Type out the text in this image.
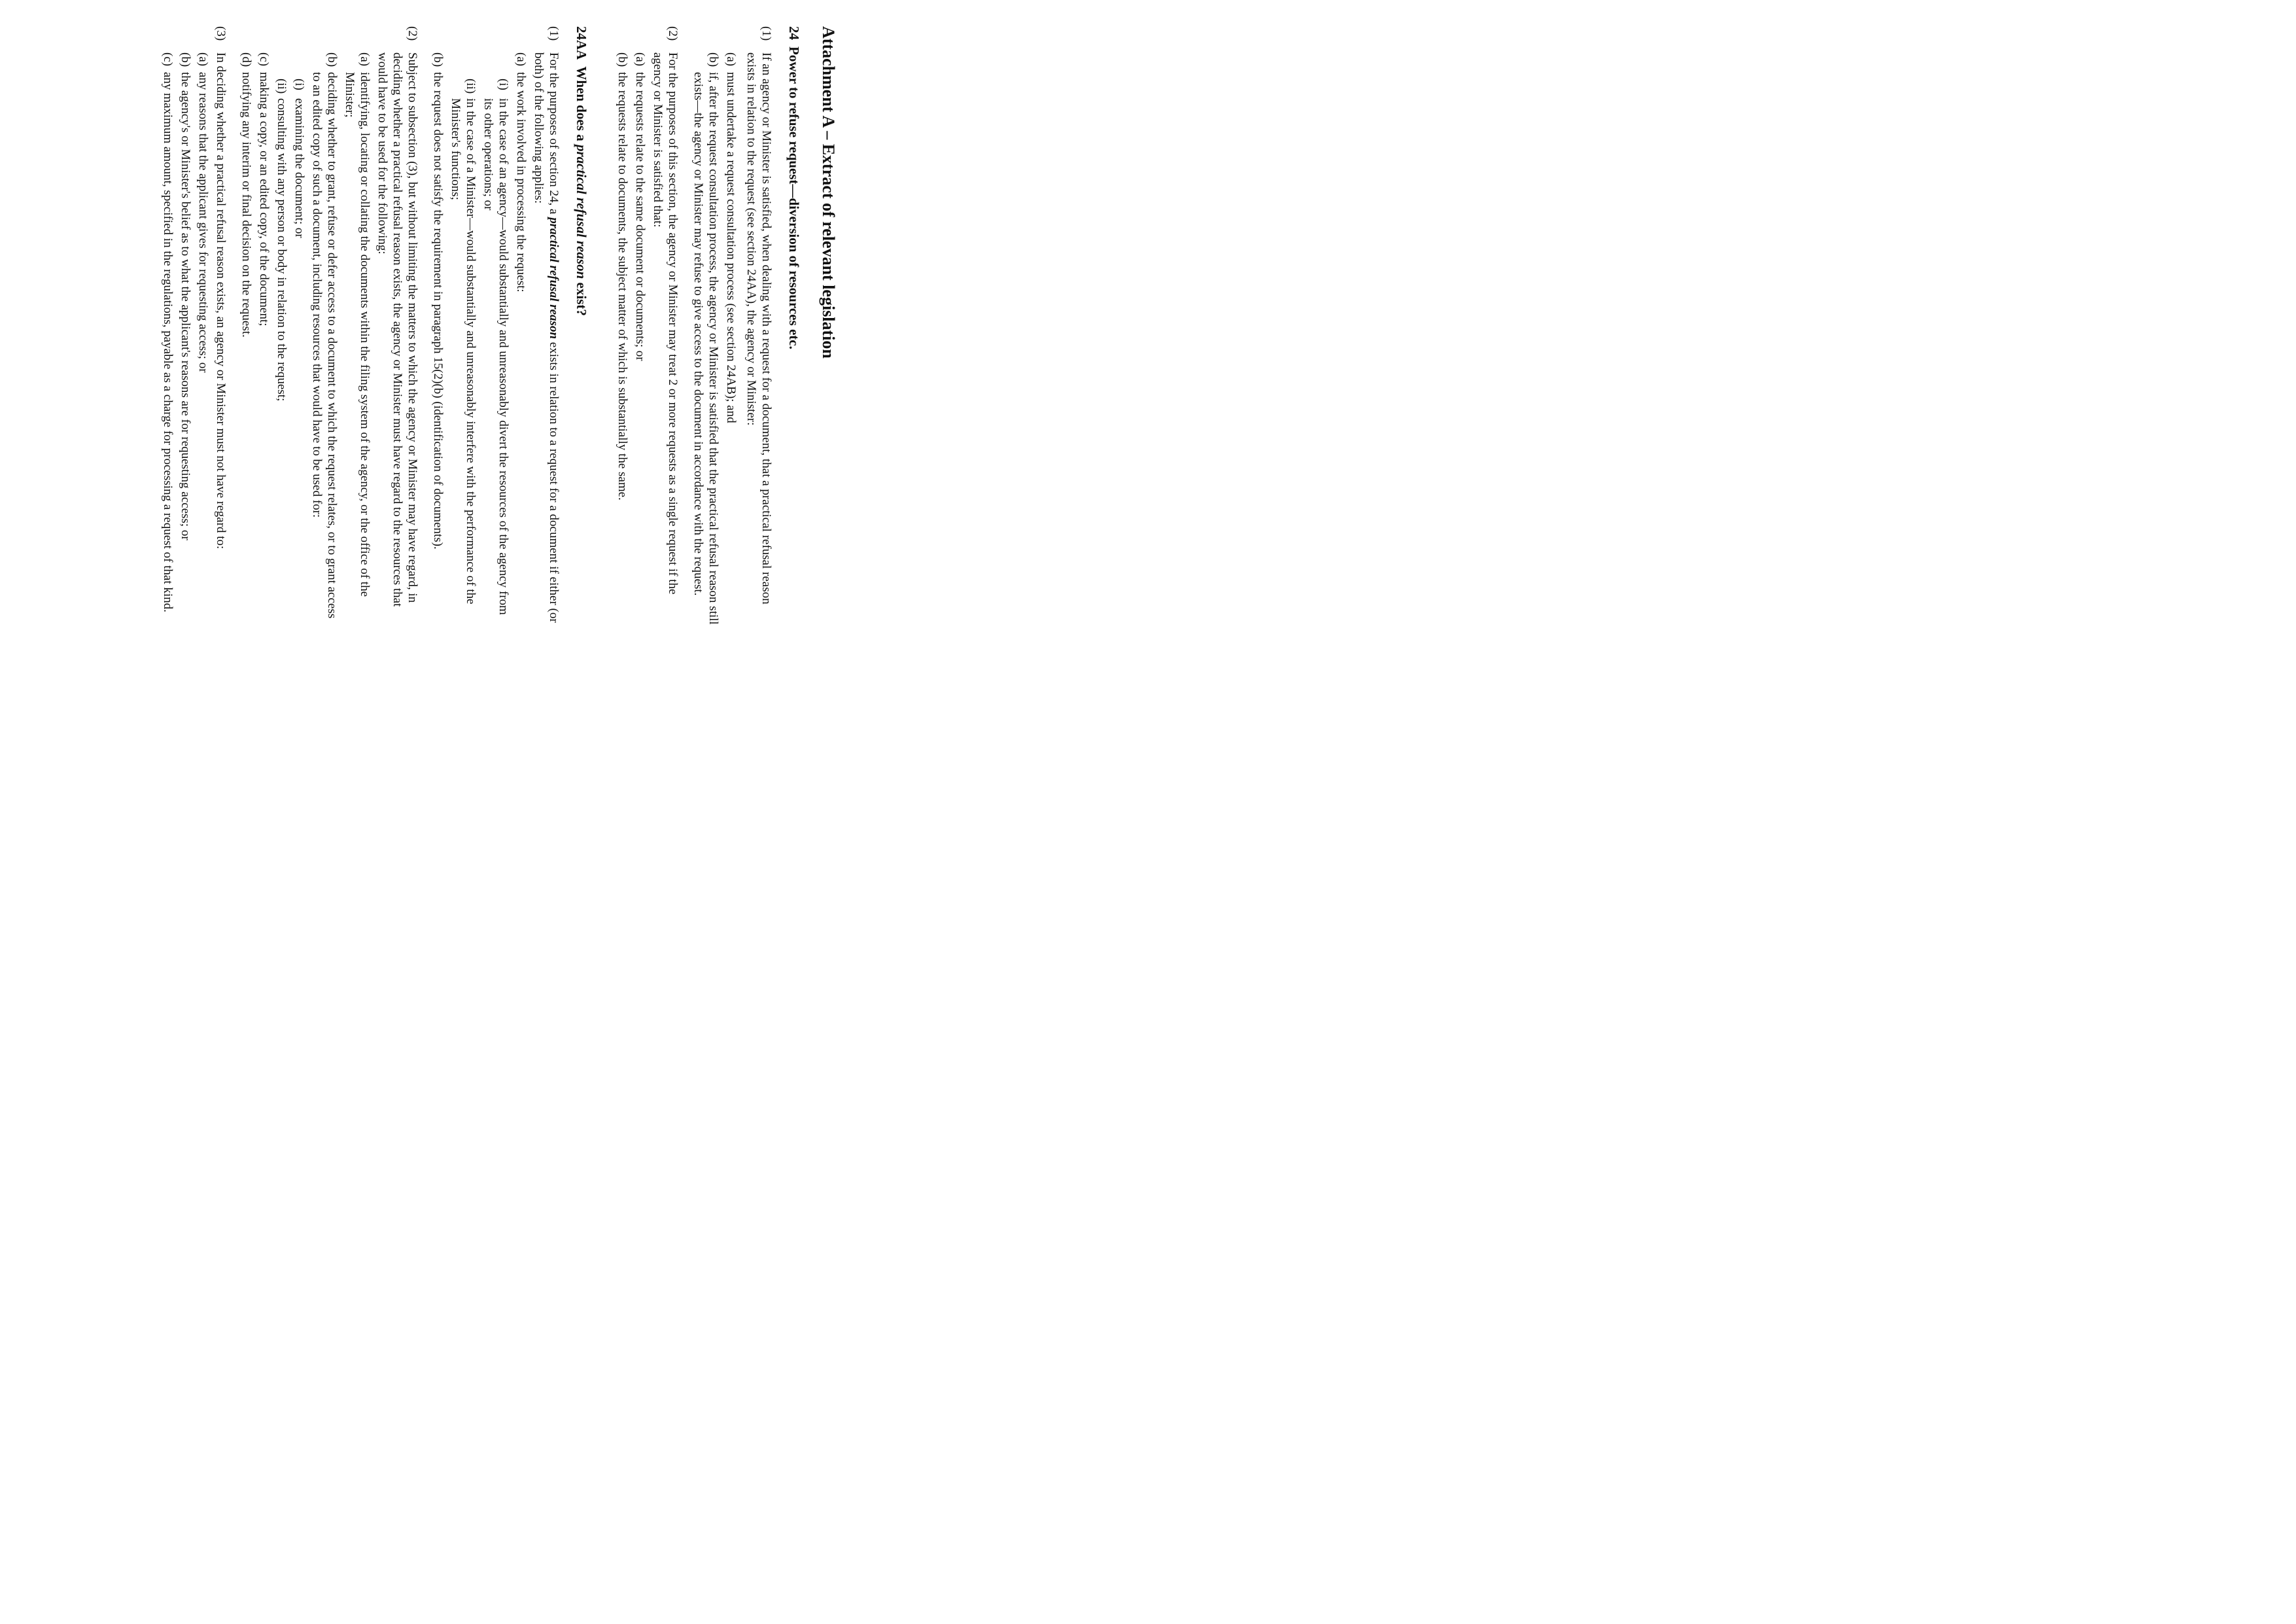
Attachment A – Extract of relevant legislation
24Power to refuse request—diversion of resources etc.
(1)
If an agency or Minister is satisfied, when dealing with a request for a document, that a practical refusal reason exists in relation to the request (see section 24AA), the agency or Minister:
(a)
must undertake a request consultation process (see section 24AB); and
(b)
if, after the request consultation process, the agency or Minister is satisfied that the practical refusal reason still exists—the agency or Minister may refuse to give access to the document in accordance with the request.
(2)
For the purposes of this section, the agency or Minister may treat 2 or more requests as a single request if the agency or Minister is satisfied that:
(a)
the requests relate to the same document or documents; or
(b)
the requests relate to documents, the subject matter of which is substantially the same.
24AAWhen does a practical refusal reason exist?
(1)
For the purposes of section 24, a practical refusal reason exists in relation to a request for a document if either (or both) of the following applies:
(a)
the work involved in processing the request:
(i)
in the case of an agency—would substantially and unreasonably divert the resources of the agency from its other operations; or
(ii)
in the case of a Minister—would substantially and unreasonably interfere with the performance of the Minister's functions;
(b)
the request does not satisfy the requirement in paragraph 15(2)(b) (identification of documents).
(2)
Subject to subsection (3), but without limiting the matters to which the agency or Minister may have regard, in deciding whether a practical refusal reason exists, the agency or Minister must have regard to the resources that would have to be used for the following:
(a)
identifying, locating or collating the documents within the filing system of the agency, or the office of the Minister;
(b)
deciding whether to grant, refuse or defer access to a document to which the request relates, or to grant access to an edited copy of such a document, including resources that would have to be used for:
(i)
examining the document; or
(ii)
consulting with any person or body in relation to the request;
(c)
making a copy, or an edited copy, of the document;
(d)
notifying any interim or final decision on the request.
(3)
In deciding whether a practical refusal reason exists, an agency or Minister must not have regard to:
(a)
any reasons that the applicant gives for requesting access; or
(b)
the agency's or Minister's belief as to what the applicant's reasons are for requesting access; or
(c)
any maximum amount, specified in the regulations, payable as a charge for processing a request of that kind.
